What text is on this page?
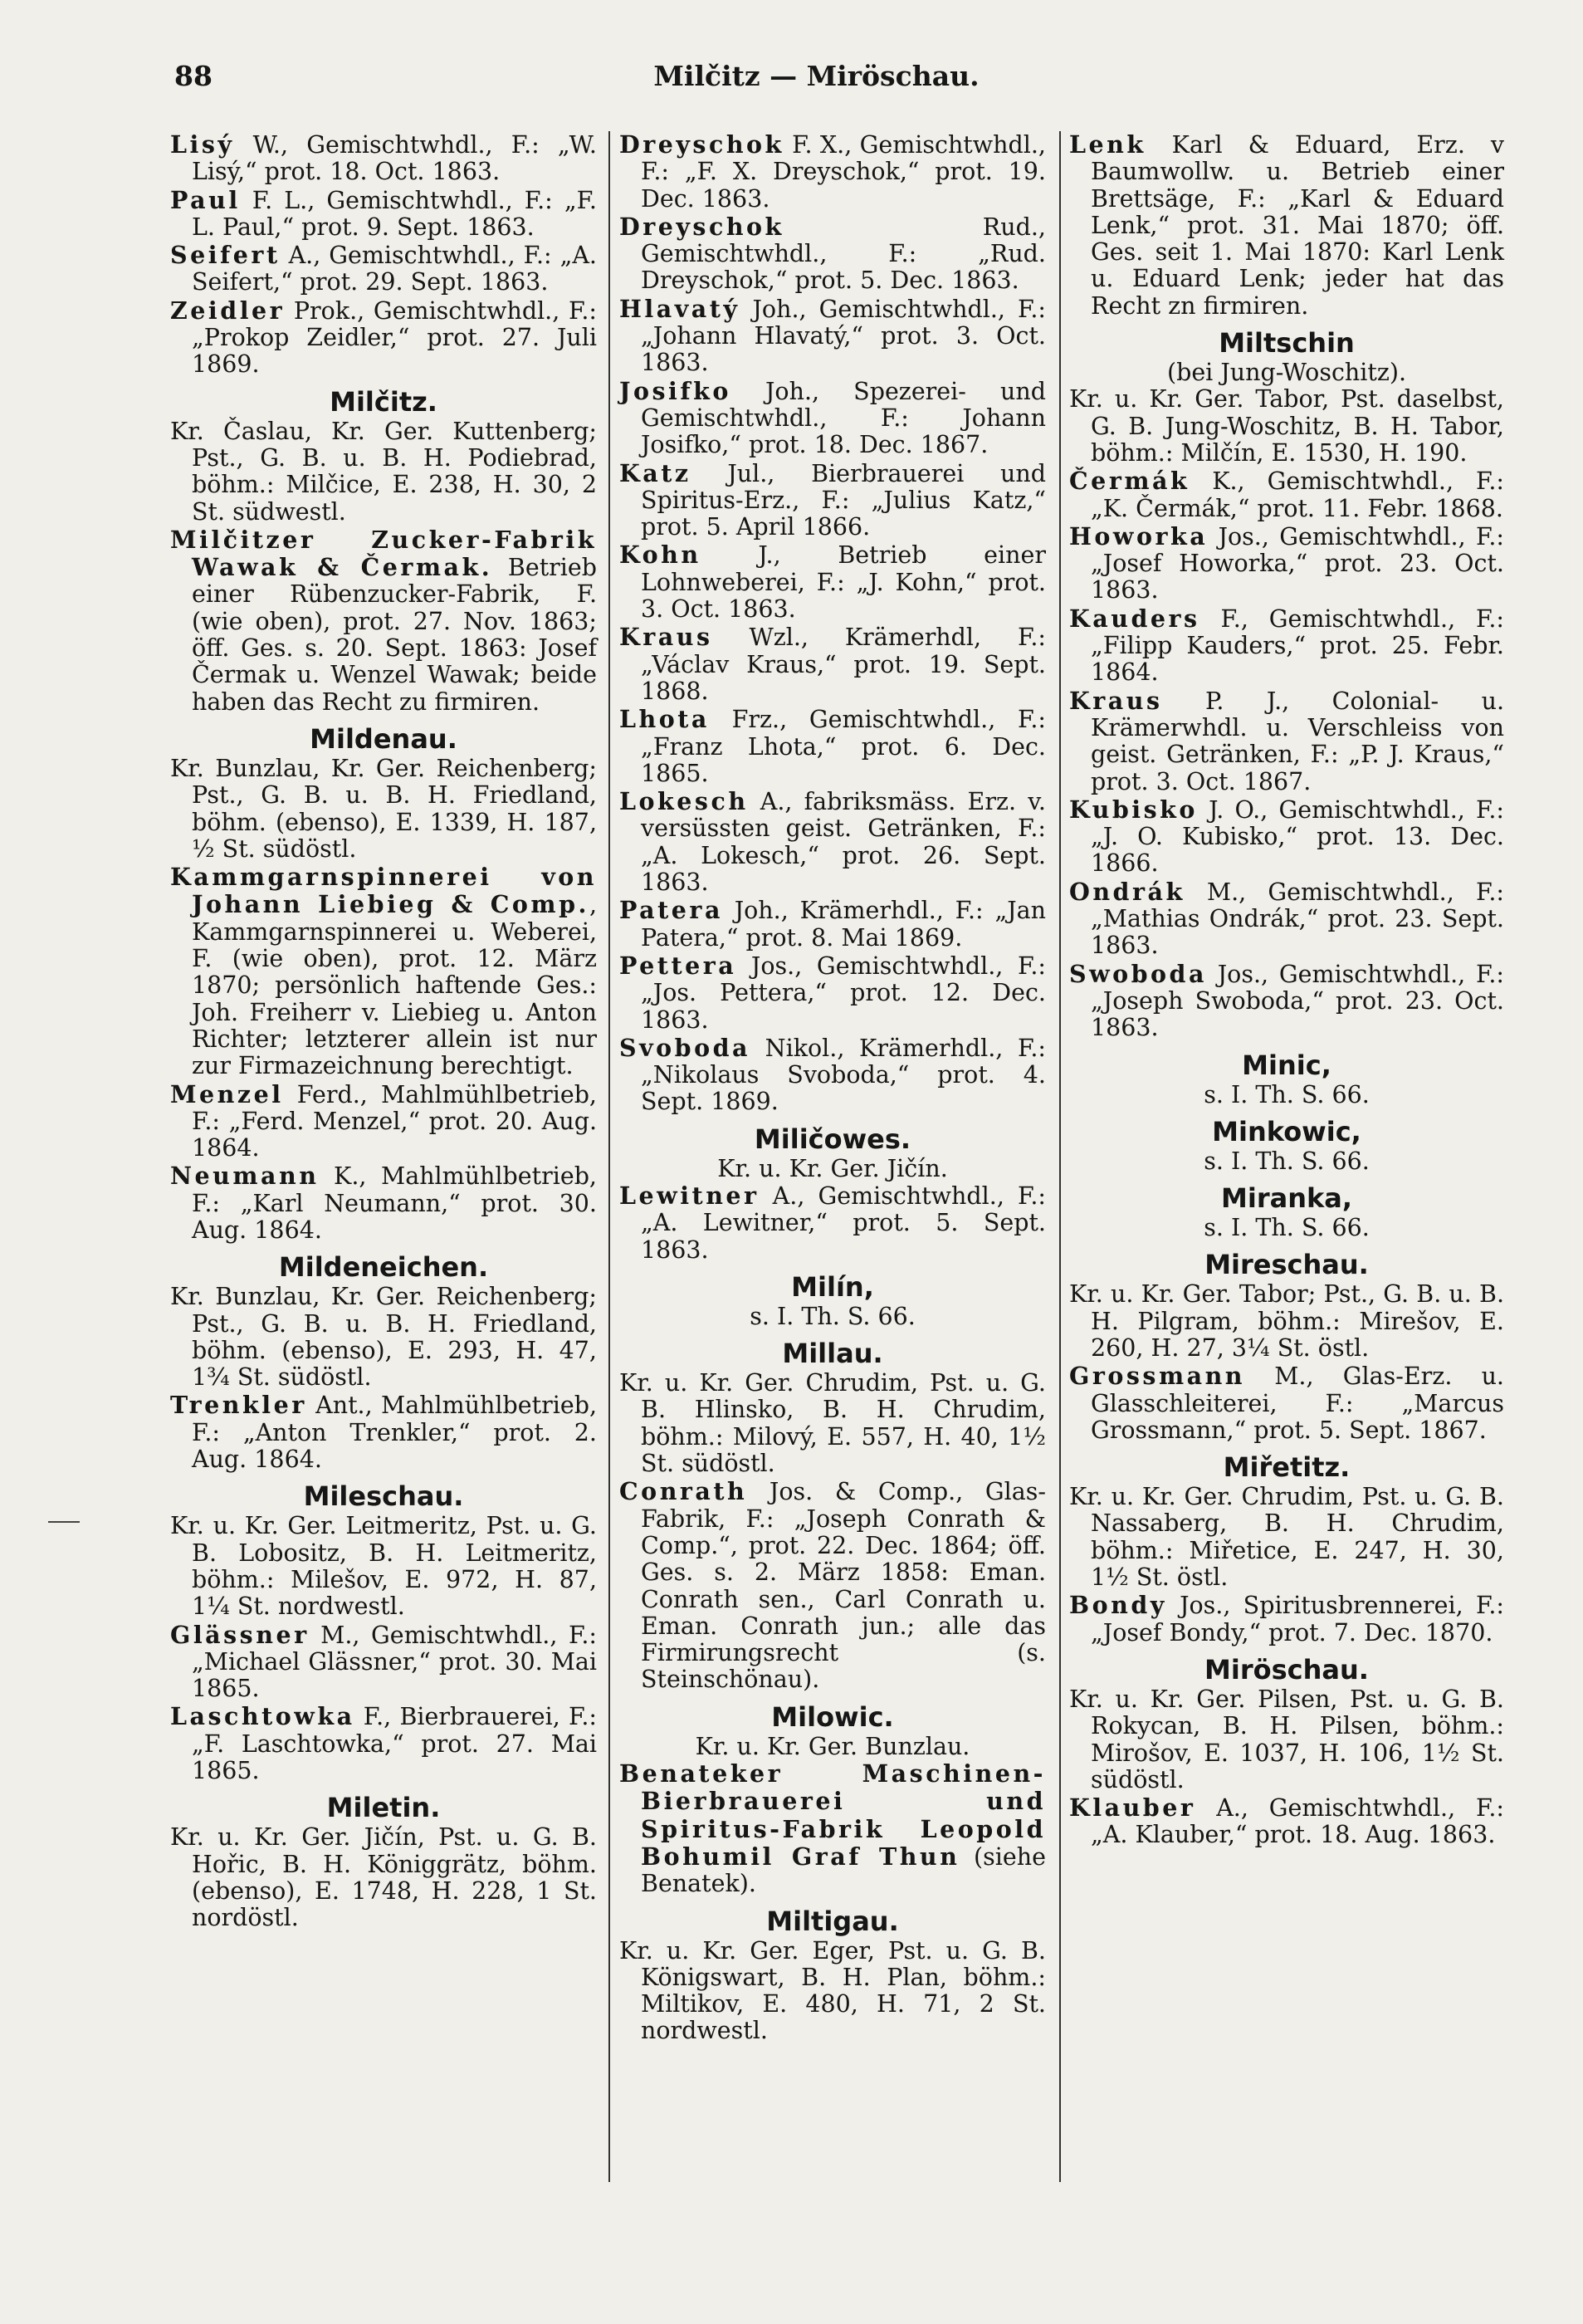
88	Milčitz — Miröschau.

Lisý W., Gemischtwhdl., F.: „W. Lisý,“ prot. 18. Oct. 1863.

Paul F. L., Gemischtwhdl., F.: „F. L. Paul,“ prot. 9. Sept. 1863.

Seifert A., Gemischtwhdl., F.: „A. Seifert,“ prot. 29. Sept. 1863.

Zeidler Prok., Gemischtwhdl., F.: „Prokop Zeidler,“ prot. 27. Juli 1869.

Milčitz.

Kr. Časlau, Kr. Ger. Kuttenberg; Pst., G. B. u. B. H. Podiebrad, böhm.: Milčice, E. 238, H. 30, 2 St. südwestl.

Milčitzer Zucker-Fabrik Wawak & Čermak. Betrieb einer Rübenzucker-Fabrik, F. (wie oben), prot. 27. Nov. 1863; öff. Ges. s. 20. Sept. 1863: Josef Čermak u. Wenzel Wawak; beide haben das Recht zu firmiren.

Mildenau.

Kr. Bunzlau, Kr. Ger. Reichenberg; Pst., G. B. u. B. H. Friedland, böhm. (ebenso), E. 1339, H. 187, ½ St. südöstl.

Kammgarnspinnerei von Johann Liebieg & Comp., Kammgarnspinnerei u. Weberei, F. (wie oben), prot. 12. März 1870; persönlich haftende Ges.: Joh. Freiherr v. Liebieg u. Anton Richter; letzterer allein ist nur zur Firmazeichnung berechtigt.

Menzel Ferd., Mahlmühlbetrieb, F.: „Ferd. Menzel,“ prot. 20. Aug. 1864.

Neumann K., Mahlmühlbetrieb, F.: „Karl Neumann,“ prot. 30. Aug. 1864.

Mildeneichen.

Kr. Bunzlau, Kr. Ger. Reichenberg; Pst., G. B. u. B. H. Friedland, böhm. (ebenso), E. 293, H. 47, 1¾ St. südöstl.

Trenkler Ant., Mahlmühlbetrieb, F.: „Anton Trenkler,“ prot. 2. Aug. 1864.

Mileschau.

Kr. u. Kr. Ger. Leitmeritz, Pst. u. G. B. Lobositz, B. H. Leitmeritz, böhm.: Milešov, E. 972, H. 87, 1¼ St. nordwestl.

Glässner M., Gemischtwhdl., F.: „Michael Glässner,“ prot. 30. Mai 1865.

Laschtowka F., Bierbrauerei, F.: „F. Laschtowka,“ prot. 27. Mai 1865.

Miletin.

Kr. u. Kr. Ger. Jičín, Pst. u. G. B. Hořic, B. H. Königgrätz, böhm. (ebenso), E. 1748, H. 228, 1 St. nordöstl.

Dreyschok F. X., Gemischtwhdl., F.: „F. X. Dreyschok,“ prot. 19. Dec. 1863.

Dreyschok Rud., Gemischtwhdl., F.: „Rud. Dreyschok,“ prot. 5. Dec. 1863.

Hlavatý Joh., Gemischtwhdl., F.: „Johann Hlavatý,“ prot. 3. Oct. 1863.

Josifko Joh., Spezerei- und Gemischtwhdl., F.: Johann Josifko,“ prot. 18. Dec. 1867.

Katz Jul., Bierbrauerei und Spiritus-Erz., F.: „Julius Katz,“ prot. 5. April 1866.

Kohn J., Betrieb einer Lohnweberei, F.: „J. Kohn,“ prot. 3. Oct. 1863.

Kraus Wzl., Krämerhdl, F.: „Václav Kraus,“ prot. 19. Sept. 1868.

Lhota Frz., Gemischtwhdl., F.: „Franz Lhota,“ prot. 6. Dec. 1865.

Lokesch A., fabriksmäss. Erz. v. versüssten geist. Getränken, F.: „A. Lokesch,“ prot. 26. Sept. 1863.

Patera Joh., Krämerhdl., F.: „Jan Patera,“ prot. 8. Mai 1869.

Pettera Jos., Gemischtwhdl., F.: „Jos. Pettera,“ prot. 12. Dec. 1863.

Svoboda Nikol., Krämerhdl., F.: „Nikolaus Svoboda,“ prot. 4. Sept. 1869.

Miličowes.

Kr. u. Kr. Ger. Jičín.

Lewitner A., Gemischtwhdl., F.: „A. Lewitner,“ prot. 5. Sept. 1863.

Milín,

s. I. Th. S. 66.

Millau.

Kr. u. Kr. Ger. Chrudim, Pst. u. G. B. Hlinsko, B. H. Chrudim, böhm.: Milový, E. 557, H. 40, 1½ St. südöstl.

Conrath Jos. & Comp., Glas-Fabrik, F.: „Joseph Conrath & Comp.“, prot. 22. Dec. 1864; öff. Ges. s. 2. März 1858: Eman. Conrath sen., Carl Conrath u. Eman. Conrath jun.; alle das Firmirungsrecht (s. Steinschönau).

Milowic.

Kr. u. Kr. Ger. Bunzlau.

Benateker Maschinen-Bierbrauerei und Spiritus-Fabrik Leopold Bohumil Graf Thun (siehe Benatek).

Miltigau.

Kr. u. Kr. Ger. Eger, Pst. u. G. B. Königswart, B. H. Plan, böhm.: Miltikov, E. 480, H. 71, 2 St. nordwestl.

Lenk Karl & Eduard, Erz. v Baumwollw. u. Betrieb einer Brettsäge, F.: „Karl & Eduard Lenk,“ prot. 31. Mai 1870; öff. Ges. seit 1. Mai 1870: Karl Lenk u. Eduard Lenk; jeder hat das Recht zn firmiren.

Miltschin

(bei Jung-Woschitz).

Kr. u. Kr. Ger. Tabor, Pst. daselbst, G. B. Jung-Woschitz, B. H. Tabor, böhm.: Milčín, E. 1530, H. 190.

Čermák K., Gemischtwhdl., F.: „K. Čermák,“ prot. 11. Febr. 1868.

Howorka Jos., Gemischtwhdl., F.: „Josef Howorka,“ prot. 23. Oct. 1863.

Kauders F., Gemischtwhdl., F.: „Filipp Kauders,“ prot. 25. Febr. 1864.

Kraus P. J., Colonial- u. Krämerwhdl. u. Verschleiss von geist. Getränken, F.: „P. J. Kraus,“ prot. 3. Oct. 1867.

Kubisko J. O., Gemischtwhdl., F.: „J. O. Kubisko,“ prot. 13. Dec. 1866.

Ondrák M., Gemischtwhdl., F.: „Mathias Ondrák,“ prot. 23. Sept. 1863.

Swoboda Jos., Gemischtwhdl., F.: „Joseph Swoboda,“ prot. 23. Oct. 1863.

Minic,

s. I. Th. S. 66.

Minkowic,

s. I. Th. S. 66.

Miranka,

s. I. Th. S. 66.

Mireschau.

Kr. u. Kr. Ger. Tabor; Pst., G. B. u. B. H. Pilgram, böhm.: Mirešov, E. 260, H. 27, 3¼ St. östl.

Grossmann M., Glas-Erz. u. Glasschleiterei, F.: „Marcus Grossmann,“ prot. 5. Sept. 1867.

Miřetitz.

Kr. u. Kr. Ger. Chrudim, Pst. u. G. B. Nassaberg, B. H. Chrudim, böhm.: Miřetice, E. 247, H. 30, 1½ St. östl.

Bondy Jos., Spiritusbrennerei, F.: „Josef Bondy,“ prot. 7. Dec. 1870.

Miröschau.

Kr. u. Kr. Ger. Pilsen, Pst. u. G. B. Rokycan, B. H. Pilsen, böhm.: Mirošov, E. 1037, H. 106, 1½ St. südöstl.

Klauber A., Gemischtwhdl., F.: „A. Klauber,“ prot. 18. Aug. 1863.
